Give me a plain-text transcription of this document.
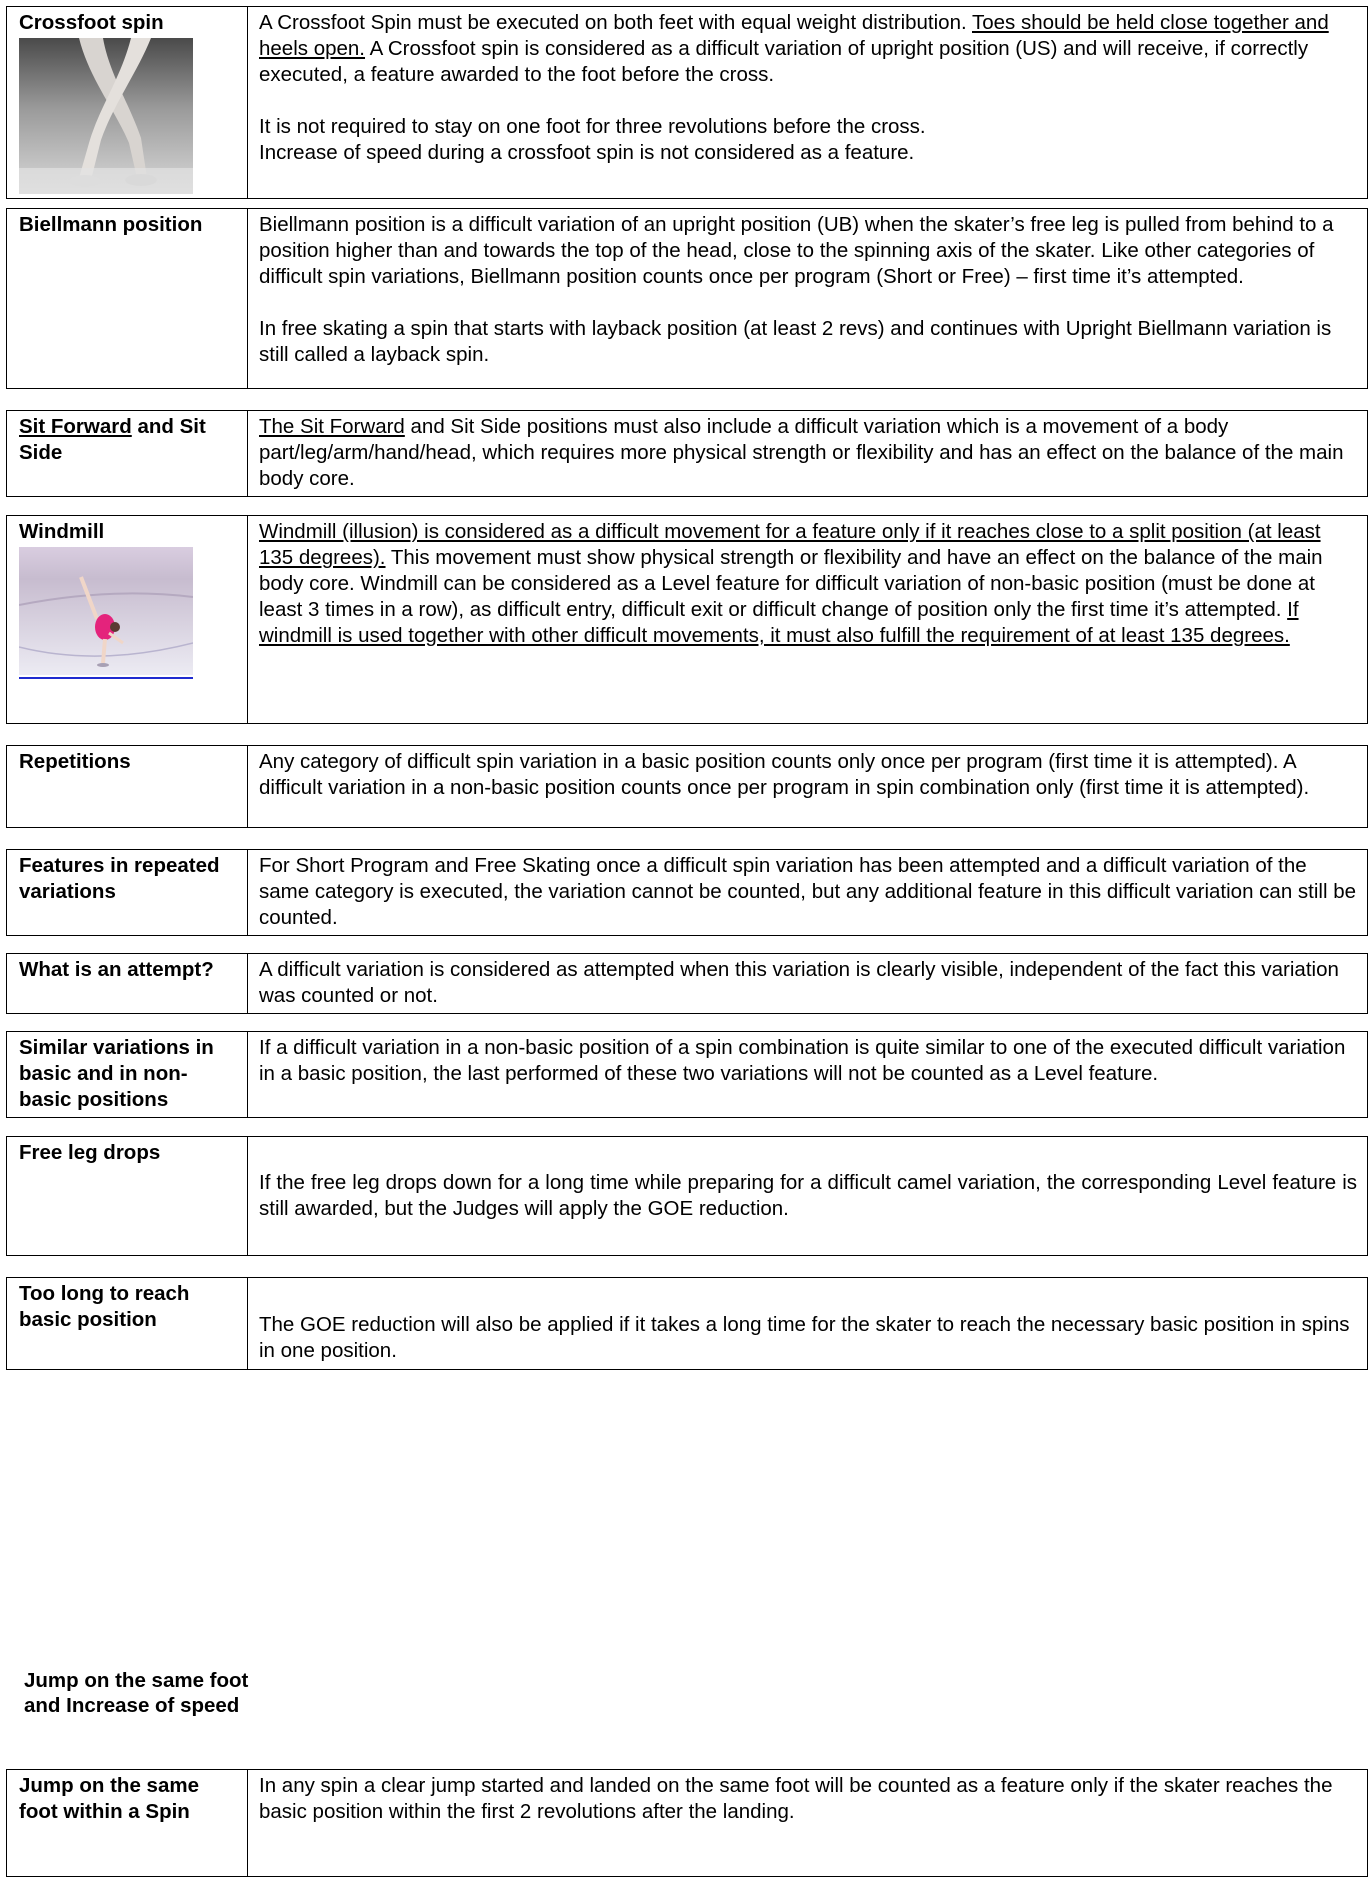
Crossfoot spin	A Crossfoot Spin must be executed on both feet with equal weight distribution. Toes should be held close together and heels open. A Crossfoot spin is considered as a difficult variation of upright position (US) and will receive, if correctly executed, a feature awarded to the foot before the cross.
It is not required to stay on one foot for three revolutions before the cross.
Increase of speed during a crossfoot spin is not considered as a feature.
Biellmann position	Biellmann position is a difficult variation of an upright position (UB) when the skater’s free leg is pulled from behind to a position higher than and towards the top of the head, close to the spinning axis of the skater. Like other categories of difficult spin variations, Biellmann position counts once per program (Short or Free) – first time it’s attempted.
In free skating a spin that starts with layback position (at least 2 revs) and continues with Upright Biellmann variation is still called a layback spin.
Sit Forward and Sit Side	The Sit Forward and Sit Side positions must also include a difficult variation which is a movement of a body part/leg/arm/hand/head, which requires more physical strength or flexibility and has an effect on the balance of the main body core.
Windmill	Windmill (illusion) is considered as a difficult movement for a feature only if it reaches close to a split position (at least 135 degrees). This movement must show physical strength or flexibility and have an effect on the balance of the main body core. Windmill can be considered as a Level feature for difficult variation of non-basic position (must be done at least 3 times in a row), as difficult entry, difficult exit or difficult change of position only the first time it’s attempted. If windmill is used together with other difficult movements, it must also fulfill the requirement of at least 135 degrees.
Repetitions	Any category of difficult spin variation in a basic position counts only once per program (first time it is attempted). A difficult variation in a non-basic position counts once per program in spin combination only (first time it is attempted).
Features in repeated variations	For Short Program and Free Skating once a difficult spin variation has been attempted and a difficult variation of the same category is executed, the variation cannot be counted, but any additional feature in this difficult variation can still be counted.
What is an attempt?	A difficult variation is considered as attempted when this variation is clearly visible, independent of the fact this variation was counted or not.
Similar variations in basic and in non-basic positions	If a difficult variation in a non-basic position of a spin combination is quite similar to one of the executed difficult variation in a basic position, the last performed of these two variations will not be counted as a Level feature.
Free leg drops	If the free leg drops down for a long time while preparing for a difficult camel variation, the corresponding Level feature is still awarded, but the Judges will apply the GOE reduction.
Too long to reach basic position	The GOE reduction will also be applied if it takes a long time for the skater to reach the necessary basic position in spins in one position.
Jump on the same foot and Increase of speed
Jump on the same foot within a Spin	In any spin a clear jump started and landed on the same foot will be counted as a feature only if the skater reaches the basic position within the first 2 revolutions after the landing.
